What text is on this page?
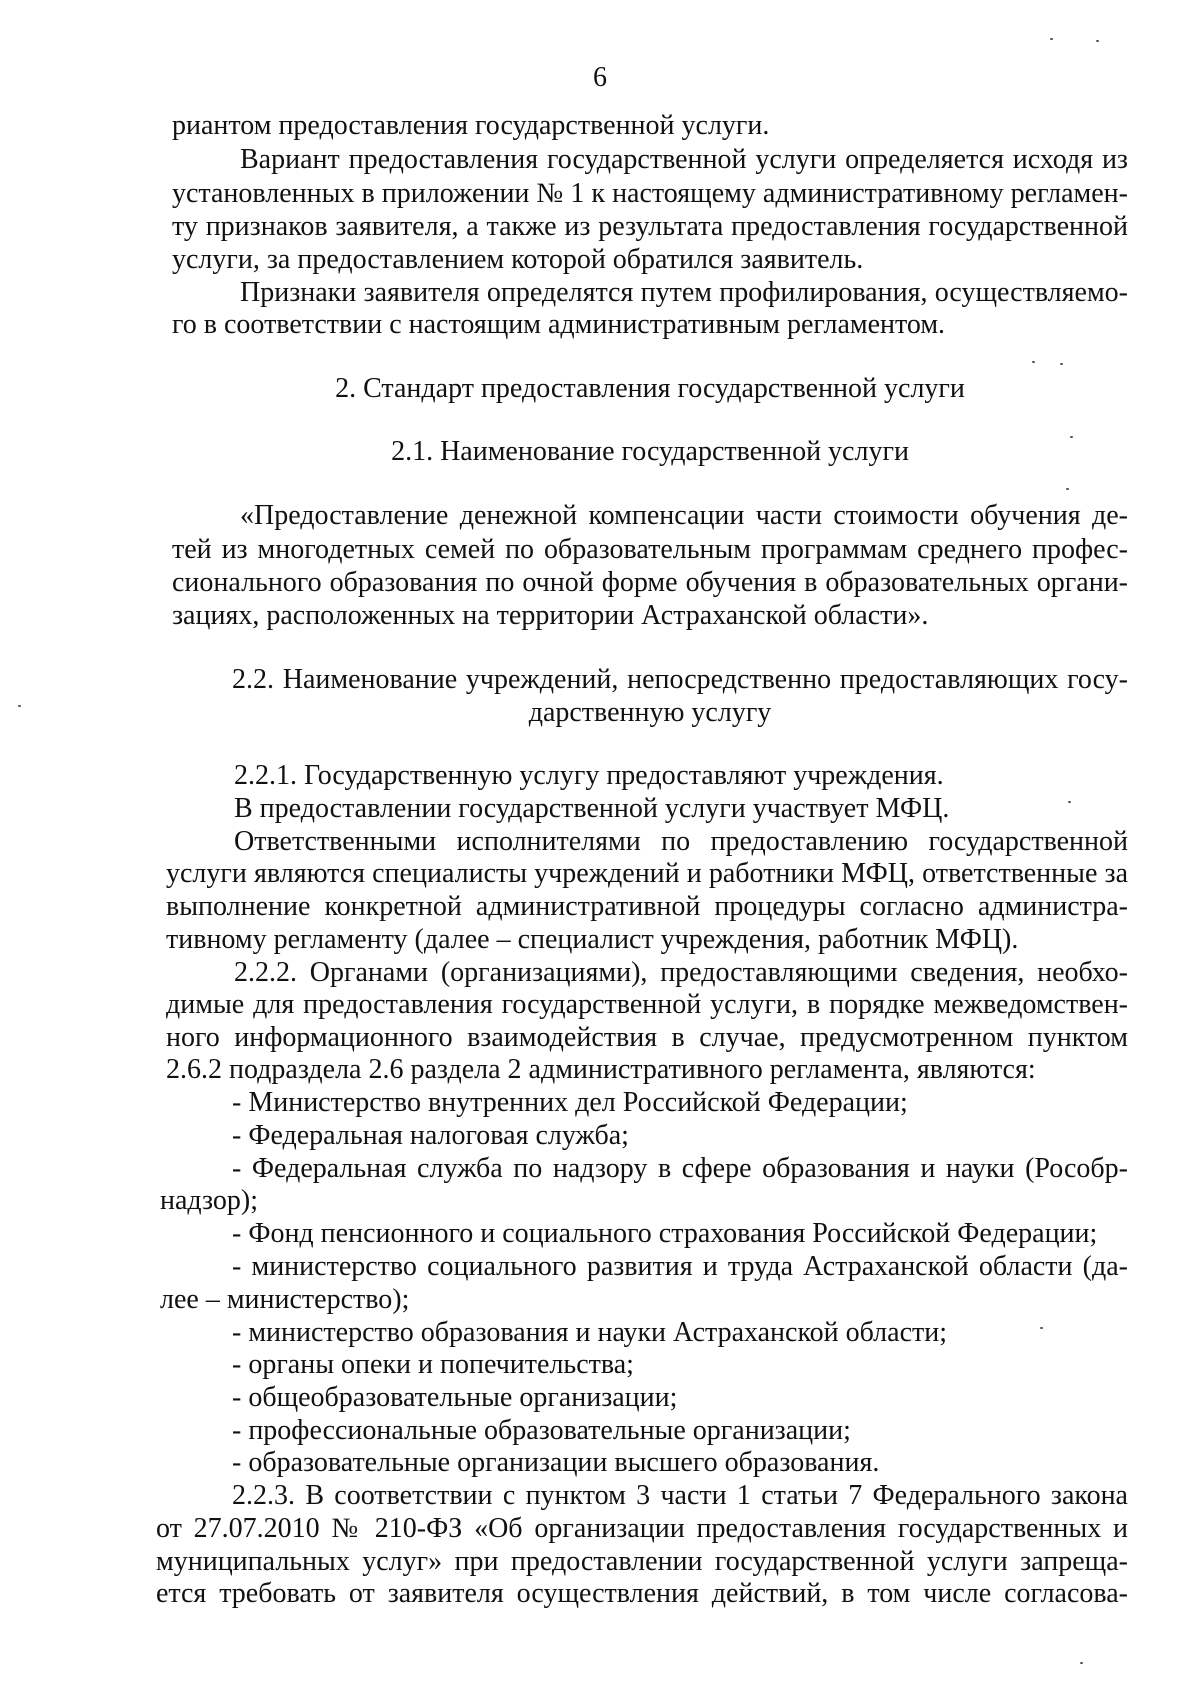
6
риантом предоставления государственной услуги.
Вариант предоставления государственной услуги определяется исходя из
установленных в приложении № 1 к настоящему административному регламен-
ту признаков заявителя, а также из результата предоставления государственной
услуги, за предоставлением которой обратился заявитель.
Признаки заявителя определятся путем профилирования, осуществляемо-
го в соответствии с настоящим административным регламентом.
2. Стандарт предоставления государственной услуги
2.1. Наименование государственной услуги
«Предоставление денежной компенсации части стоимости обучения де-
тей из многодетных семей по образовательным программам среднего профес-
сионального образования по очной форме обучения в образовательных органи-
зациях, расположенных на территории Астраханской области».
2.2. Наименование учреждений, непосредственно предоставляющих госу-
дарственную услугу
2.2.1. Государственную услугу предоставляют учреждения.
В предоставлении государственной услуги участвует МФЦ.
Ответственными исполнителями по предоставлению государственной
услуги являются специалисты учреждений и работники МФЦ, ответственные за
выполнение конкретной административной процедуры согласно администра-
тивному регламенту (далее – специалист учреждения, работник МФЦ).
2.2.2. Органами (организациями), предоставляющими сведения, необхо-
димые для предоставления государственной услуги, в порядке межведомствен-
ного информационного взаимодействия в случае, предусмотренном пунктом
2.6.2 подраздела 2.6 раздела 2 административного регламента, являются:
- Министерство внутренних дел Российской Федерации;
- Федеральная налоговая служба;
- Федеральная служба по надзору в сфере образования и науки (Рособр-
надзор);
- Фонд пенсионного и социального страхования Российской Федерации;
- министерство социального развития и труда Астраханской области (да-
лее – министерство);
- министерство образования и науки Астраханской области;
- органы опеки и попечительства;
- общеобразовательные организации;
- профессиональные образовательные организации;
- образовательные организации высшего образования.
2.2.3. В соответствии с пунктом 3 части 1 статьи 7 Федерального закона
от 27.07.2010 № 210-ФЗ «Об организации предоставления государственных и
муниципальных услуг» при предоставлении государственной услуги запреща-
ется требовать от заявителя осуществления действий, в том числе согласова-
